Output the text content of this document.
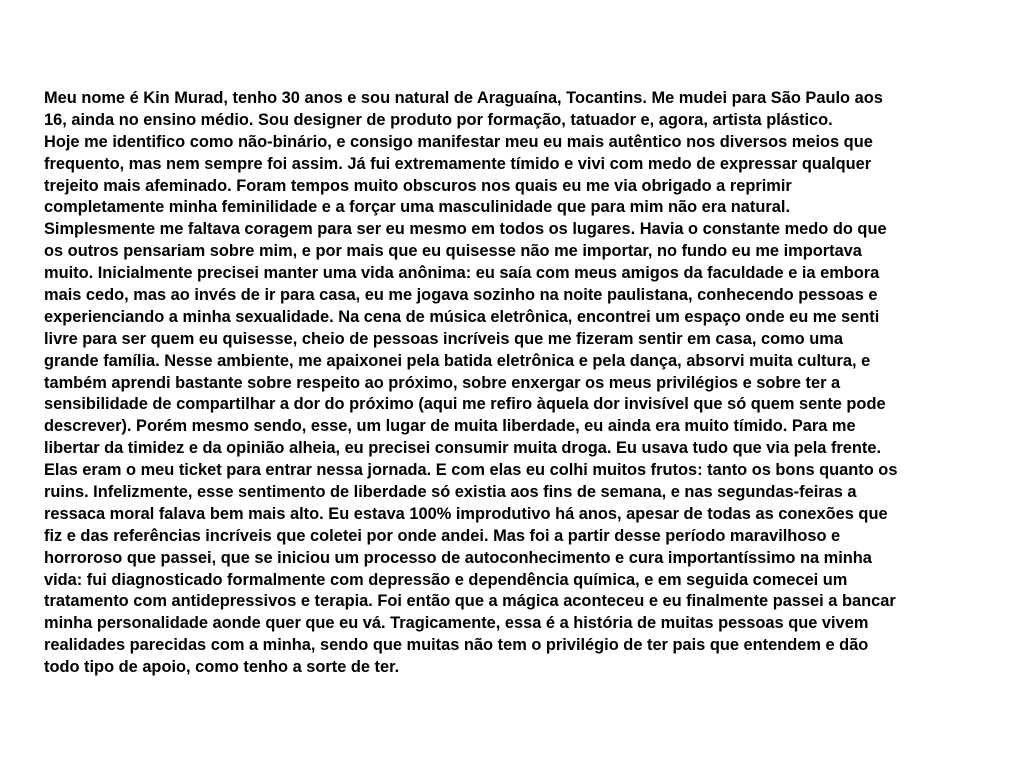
Meu nome é Kin Murad, tenho 30 anos e sou natural de Araguaína, Tocantins. Me mudei para São Paulo aos
16, ainda no ensino médio. Sou designer de produto por formação, tatuador e, agora, artista plástico.
Hoje me identifico como não-binário, e consigo manifestar meu eu mais autêntico nos diversos meios que
frequento, mas nem sempre foi assim. Já fui extremamente tímido e vivi com medo de expressar qualquer
trejeito mais afeminado. Foram tempos muito obscuros nos quais eu me via obrigado a reprimir
completamente minha feminilidade e a forçar uma masculinidade que para mim não era natural.
Simplesmente me faltava coragem para ser eu mesmo em todos os lugares. Havia o constante medo do que
os outros pensariam sobre mim, e por mais que eu quisesse não me importar, no fundo eu me importava
muito. Inicialmente precisei manter uma vida anônima: eu saía com meus amigos da faculdade e ia embora
mais cedo, mas ao invés de ir para casa, eu me jogava sozinho na noite paulistana, conhecendo pessoas e
experienciando a minha sexualidade. Na cena de música eletrônica, encontrei um espaço onde eu me senti
livre para ser quem eu quisesse, cheio de pessoas incríveis que me fizeram sentir em casa, como uma
grande família. Nesse ambiente, me apaixonei pela batida eletrônica e pela dança, absorvi muita cultura, e
também aprendi bastante sobre respeito ao próximo, sobre enxergar os meus privilégios e sobre ter a
sensibilidade de compartilhar a dor do próximo (aqui me refiro àquela dor invisível que só quem sente pode
descrever). Porém mesmo sendo, esse, um lugar de muita liberdade, eu ainda era muito tímido. Para me
libertar da timidez e da opinião alheia, eu precisei consumir muita droga. Eu usava tudo que via pela frente.
Elas eram o meu ticket para entrar nessa jornada. E com elas eu colhi muitos frutos: tanto os bons quanto os
ruins. Infelizmente, esse sentimento de liberdade só existia aos fins de semana, e nas segundas-feiras a
ressaca moral falava bem mais alto. Eu estava 100% improdutivo há anos, apesar de todas as conexões que
fiz e das referências incríveis que coletei por onde andei. Mas foi a partir desse período maravilhoso e
horroroso que passei, que se iniciou um processo de autoconhecimento e cura importantíssimo na minha
vida: fui diagnosticado formalmente com depressão e dependência química, e em seguida comecei um
tratamento com antidepressivos e terapia. Foi então que a mágica aconteceu e eu finalmente passei a bancar
minha personalidade aonde quer que eu vá. Tragicamente, essa é a história de muitas pessoas que vivem
realidades parecidas com a minha, sendo que muitas não tem o privilégio de ter pais que entendem e dão
todo tipo de apoio, como tenho a sorte de ter.
